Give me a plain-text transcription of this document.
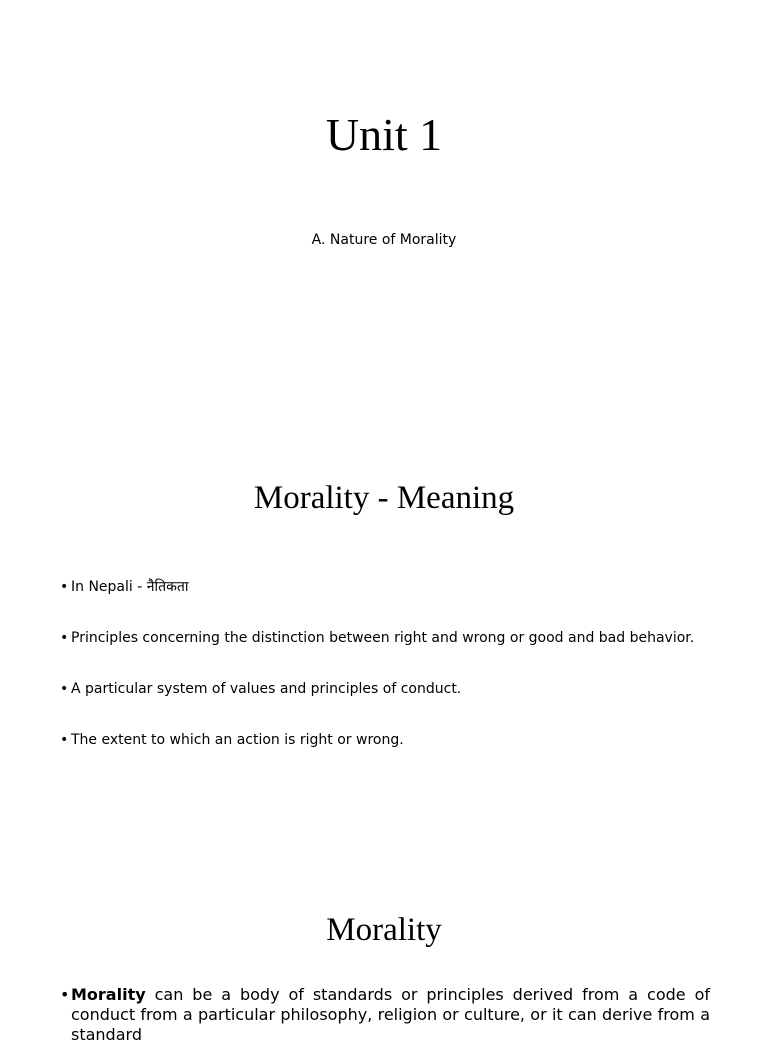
Unit 1

A. Nature of Morality

Morality - Meaning
• In Nepali - नैतिकता
• Principles concerning the distinction between right and wrong or good and bad behavior.
• A particular system of values and principles of conduct.
• The extent to which an action is right or wrong.
Morality
• Morality can be a body of standards or principles derived from a code of conduct from a particular philosophy, religion or culture, or it can derive from a standard
